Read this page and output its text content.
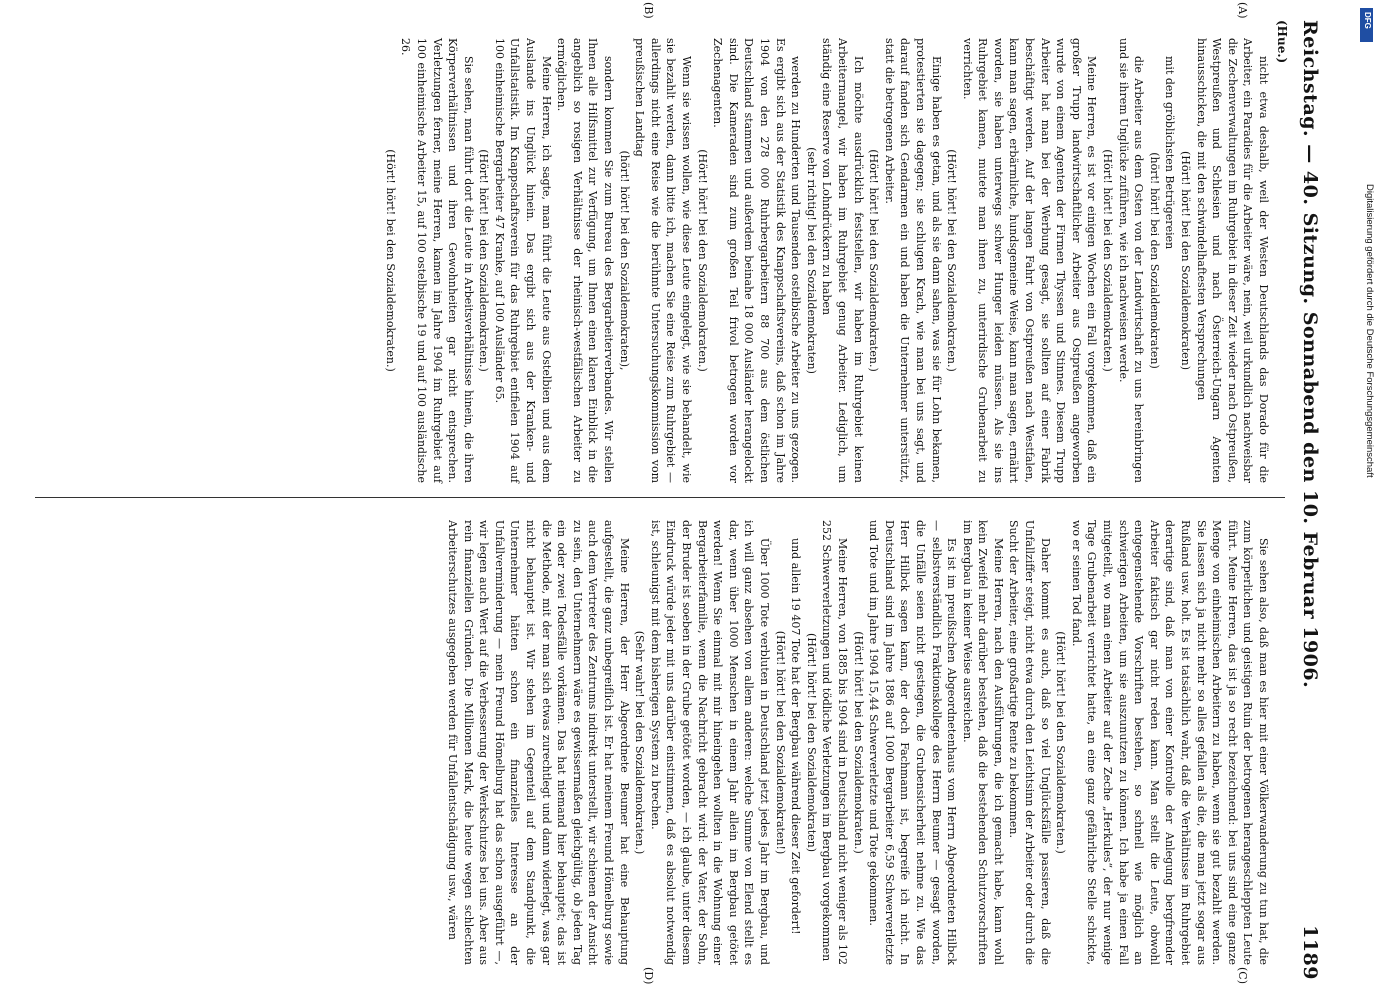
Reichstag. — 40. Sitzung.
Sonnabend den 10. Februar 1906.
1189
(Hue.)
(A)
(B)
(C)
(D)

nicht etwa deshalb, weil der Westen Deutschlands das Dorado für die Arbeiter, ein Paradies für die Arbeiter wäre, nein, weil urkundlich nachweisbar die Zechenverwaltungen im Ruhrgebiet in dieser Zeit wieder nach Ostpreußen, Westpreußen und Schlesien und nach Österreich-Ungarn Agenten hinausschicken, die mit den schwindelhaftesten Versprechungen

(Hört! hört! bei den Sozialdemokraten)

mit den gröblichsten Betrügereien

(hört! hört! bei den Sozialdemokraten)

die Arbeiter aus dem Osten von der Landwirtschaft zu uns hereinbringen und sie ihrem Unglücke zuführen, wie ich nachweisen werde.

(Hört! hört! bei den Sozialdemokraten.)

Meine Herren, es ist vor einigen Wochen ein Fall vorgekommen, daß ein großer Trupp landwirtschaftlicher Arbeiter aus Ostpreußen angeworben wurde von einem Agenten der Firmen Thyssen und Stinnes. Diesem Trupp Arbeiter hat man bei der Werbung gesagt, sie sollten auf einer Fabrik beschäftigt werden. Auf der langen Fahrt von Ostpreußen nach Westfalen, kann man sagen, erbärmliche, hundsgemeine Weise, kann man sagen, ernährt worden, sie haben unterwegs schwer Hunger leiden müssen. Als sie ins Ruhrgebiet kamen, mutete man ihnen zu, unterirdische Grubenarbeit zu verrichten.

(Hört! hört! bei den Sozialdemokraten.)

Einige haben es getan, und als sie dann sahen, was sie für Lohn bekamen, protestierten sie dagegen; sie schlugen Krach, wie man bei uns sagt, und darauf fanden sich Gendarmen ein und haben die Unternehmer unterstützt, statt die betrogenen Arbeiter.

(Hört! hört! bei den Sozialdemokraten.)

Ich möchte ausdrücklich feststellen, wir haben im Ruhrgebiet keinen Arbeitermangel, wir haben im Ruhrgebiet genug Arbeiter. Lediglich, um ständig eine Reserve von Lohndrückern zu haben

(sehr richtig! bei den Sozialdemokraten)

werden zu Hunderten und Tausenden ostelbische Arbeiter zu uns gezogen. Es ergibt sich aus der Statistik des Knappschaftsvereins, daß schon im Jahre 1904 von den 278 000 Ruhrbergarbeitern 88 700 aus dem östlichen Deutschland stammen und außerdem beinahe 18 000 Ausländer herangelockt sind. Die Kameraden sind zum großen Teil frivol betrogen worden vor Zechenagenten.

(Hört! hört! bei den Sozialdemokraten.)

Wenn sie wissen wollen, wie diese Leute eingelegt, wie sie behandelt, wie sie bezahlt werden, dann bitte ich, machen Sie eine Reise zum Ruhrgebiet — allerdings nicht eine Reise wie die berühmte Untersuchungskommission vom preußischen Landtag

(hört! hört! bei den Sozialdemokraten),

sondern kommen Sie zum Bureau des Bergarbeiterverbandes. Wir stellen Ihnen alle Hilfsmittel zur Verfügung, um Ihnen einen klaren Einblick in die angeblich so rosigen Verhältnisse der rheinisch-westfälischen Arbeiter zu ermöglichen.

Meine Herren, ich sagte, man führt die Leute aus Ostelbien und aus dem Auslande ins Unglück hinein. Das ergibt sich aus der Kranken- und Unfallstatistik. Im Knappschaftsverein für das Ruhrgebiet entfielen 1904 auf 100 einheimische Bergarbeiter 47 Kranke, auf 100 Ausländer 65.

(Hört! hört! bei den Sozialdemokraten.)

Sie sehen, man führt dort die Leute in Arbeitsverhältnisse hinein, die ihren Körperverhältnissen und ihren Gewohnheiten gar nicht entsprechen. Verletzungen ferner, meine Herren, kamen im Jahre 1904 im Ruhrgebiet auf 100 einheimische Arbeiter 15, auf 100 ostelbische 19 und auf 100 ausländische 26.

(Hört! hört! bei den Sozialdemokraten.)

Sie sehen also, daß man es hier mit einer Völkerwanderung zu tun hat, die zum körperlichen und geistigen Ruin der betrogenen herangeschleppten Leute führt. Meine Herren, das ist ja so recht bezeichnend: bei uns sind eine ganze Menge von einheimischen Arbeitern zu haben, wenn sie gut bezahlt werden. Sie lassen sich ja nicht mehr so alles gefallen als die, die man jetzt sogar aus Rußland usw. holt. Es ist tatsächlich wahr, daß die Verhältnisse im Ruhrgebiet derartige sind, daß man von einer Kontrolle der Anlegung bergfremder Arbeiter faktisch gar nicht reden kann. Man stellt die Leute, obwohl entgegenstehende Vorschriften bestehen, so schnell wie möglich an schwierigen Arbeiten, um sie auszunutzen zu können. Ich habe ja einen Fall mitgeteilt, wo man einen Arbeiter auf der Zeche „Herkules“, der nur wenige Tage Grubenarbeit verrichtet hatte, an eine ganz gefährliche Stelle schickte, wo er seinen Tod fand.

(Hört! hört! bei den Sozialdemokraten.)

Daher kommt es auch, daß so viel Unglücksfälle passieren, daß die Unfallziffer steigt, nicht etwa durch den Leichtsinn der Arbeiter oder durch die Sucht der Arbeiter, eine großartige Rente zu bekommen.

Meine Herren, nach den Ausführungen, die ich gemacht habe, kann wohl kein Zweifel mehr darüber bestehen, daß die bestehenden Schutzvorschriften im Bergbau in keiner Weise ausreichen.

Es ist im preußischen Abgeordnetenhaus vom Herrn Abgeordneten Hilbck — selbstverständlich Fraktionskollege des Herrn Beumer — gesagt worden, die Unfälle seien nicht gestiegen, die Grubensicherheit nehme zu. Wie das Herr Hilbck sagen kann, der doch Fachmann ist, begreife ich nicht. In Deutschland sind im Jahre 1886 auf 1000 Bergarbeiter 6,59 Schwerverletzte und Tote und im Jahre 1904 15,44 Schwerverletzte und Tote gekommen.

(Hört! hört! bei den Sozialdemokraten.)

Meine Herren, von 1885 bis 1904 sind in Deutschland nicht weniger als 102 252 Schwerverletzungen und tödliche Verletzungen im Bergbau vorgekommen

(Hört! hört! bei den Sozialdemokraten)

und allein 19 407 Tote hat der Bergbau während dieser Zeit gefordert!

(Hört! hört! bei den Sozialdemokraten!)

Über 1000 Tote verbluten in Deutschland jetzt jedes Jahr im Bergbau, und ich will ganz absehen von allem anderen: welche Summe von Elend stellt es dar, wenn über 1000 Menschen in einem Jahr allein im Bergbau getötet werden! Wenn Sie einmal mit mir hineingehen wollten in die Wohnung einer Bergarbeiterfamilie, wenn die Nachricht gebracht wird: der Vater, der Sohn, der Bruder ist soeben in der Grube getötet worden, — ich glaube, unter diesem Eindruck würde jeder mit uns darüber einstimmen, daß es absolut notwendig ist, schleunigst mit dem bisherigen System zu brechen.

(Sehr wahr! bei den Sozialdemokraten.)

Meine Herren, der Herr Abgeordnete Beumer hat eine Behauptung aufgestellt, die ganz unbegreiflich ist. Er hat meinem Freund Hömelburg sowie auch dem Vertreter des Zentrums indirekt unterstellt, wir schienen der Ansicht zu sein, den Unternehmern wäre es gewissermaßen gleichgültig, ob jeden Tag ein oder zwei Todesfälle vorkämen. Das hat niemand hier behauptet; das ist die Methode, mit der man sich etwas zurechtlegt und dann widerlegt, was gar nicht behauptet ist. Wir stehen im Gegenteil auf dem Standpunkt, die Unternehmer hätten schon ein finanzielles Interesse an der Unfallverminderung — mein Freund Hömelburg hat das schon ausgeführt —, wir legen auch Wert auf die Verbesserung der Werkschutzes bei uns. Aber aus rein finanziellen Gründen. Die Millionen Mark, die heute wegen schlechten Arbeiterschutzes ausgegeben werden für Unfallentschädigung usw., wären

Digitalisierung gefördert durch die Deutsche Forschungsgemeinschaft
DFG
